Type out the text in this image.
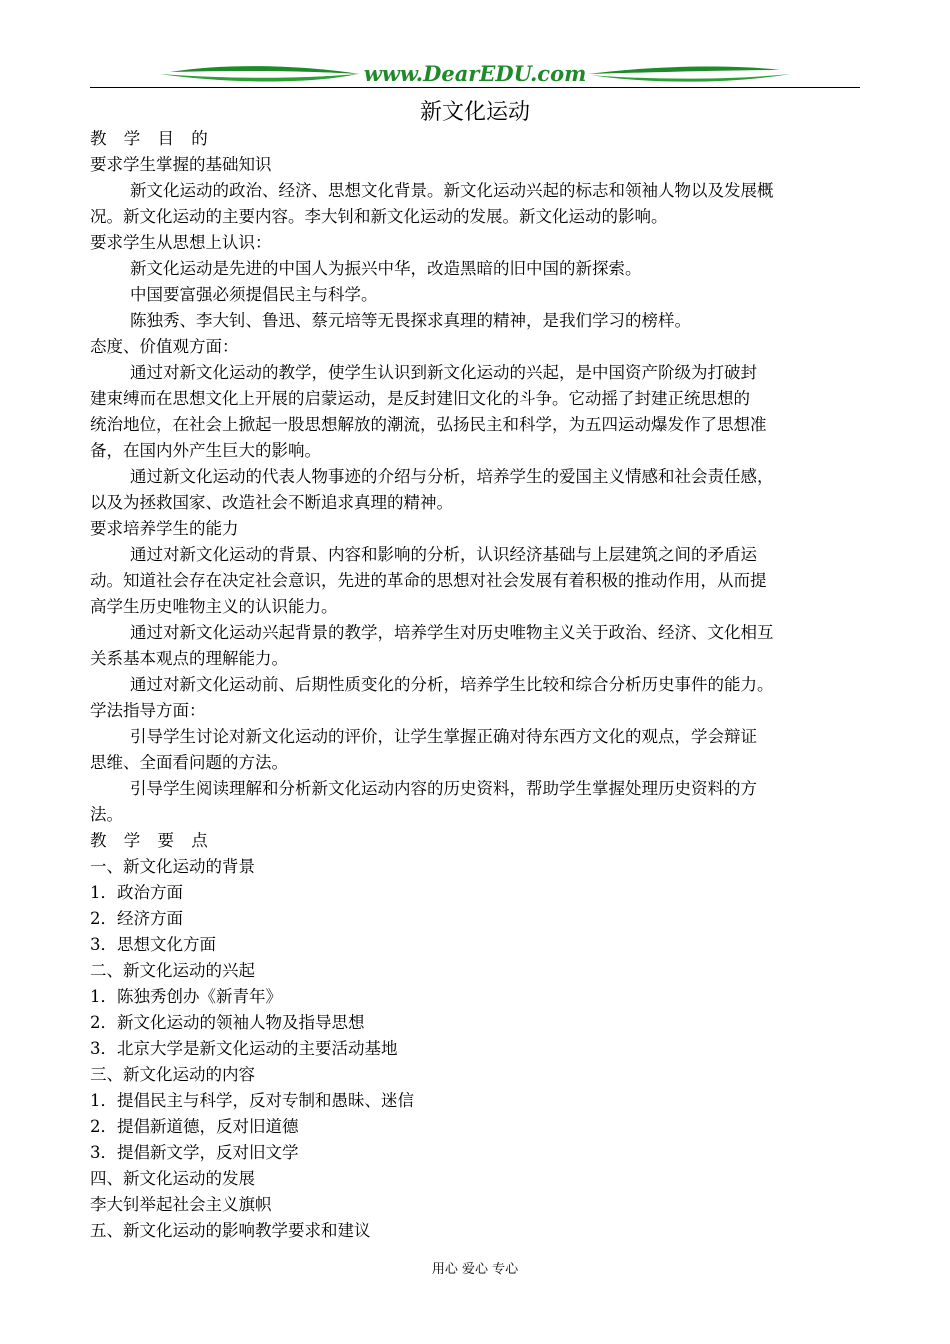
www.DearEDU.com
新文化运动
教 学 目 的
要求学生掌握的基础知识
新文化运动的政治、经济、思想文化背景。新文化运动兴起的标志和领袖人物以及发展概
况。新文化运动的主要内容。李大钊和新文化运动的发展。新文化运动的影响。
要求学生从思想上认识：
新文化运动是先进的中国人为振兴中华，改造黑暗的旧中国的新探索。
中国要富强必须提倡民主与科学。
陈独秀、李大钊、鲁迅、蔡元培等无畏探求真理的精神，是我们学习的榜样。
态度、价值观方面：
通过对新文化运动的教学，使学生认识到新文化运动的兴起，是中国资产阶级为打破封
建束缚而在思想文化上开展的启蒙运动，是反封建旧文化的斗争。它动摇了封建正统思想的
统治地位，在社会上掀起一股思想解放的潮流，弘扬民主和科学，为五四运动爆发作了思想准
备，在国内外产生巨大的影响。
通过新文化运动的代表人物事迹的介绍与分析，培养学生的爱国主义情感和社会责任感，
以及为拯救国家、改造社会不断追求真理的精神。
要求培养学生的能力
通过对新文化运动的背景、内容和影响的分析，认识经济基础与上层建筑之间的矛盾运
动。知道社会存在决定社会意识，先进的革命的思想对社会发展有着积极的推动作用，从而提
高学生历史唯物主义的认识能力。
通过对新文化运动兴起背景的教学，培养学生对历史唯物主义关于政治、经济、文化相互
关系基本观点的理解能力。
通过对新文化运动前、后期性质变化的分析，培养学生比较和综合分析历史事件的能力。
学法指导方面：
引导学生讨论对新文化运动的评价，让学生掌握正确对待东西方文化的观点，学会辩证
思维、全面看问题的方法。
引导学生阅读理解和分析新文化运动内容的历史资料，帮助学生掌握处理历史资料的方
法。
教 学 要 点
一、新文化运动的背景
1．政治方面
2．经济方面
3．思想文化方面
二、新文化运动的兴起
1．陈独秀创办《新青年》
2．新文化运动的领袖人物及指导思想
3．北京大学是新文化运动的主要活动基地
三、新文化运动的内容
1．提倡民主与科学，反对专制和愚昧、迷信
2．提倡新道德，反对旧道德
3．提倡新文学，反对旧文学
四、新文化运动的发展
李大钊举起社会主义旗帜
五、新文化运动的影响教学要求和建议
用心 爱心 专心
